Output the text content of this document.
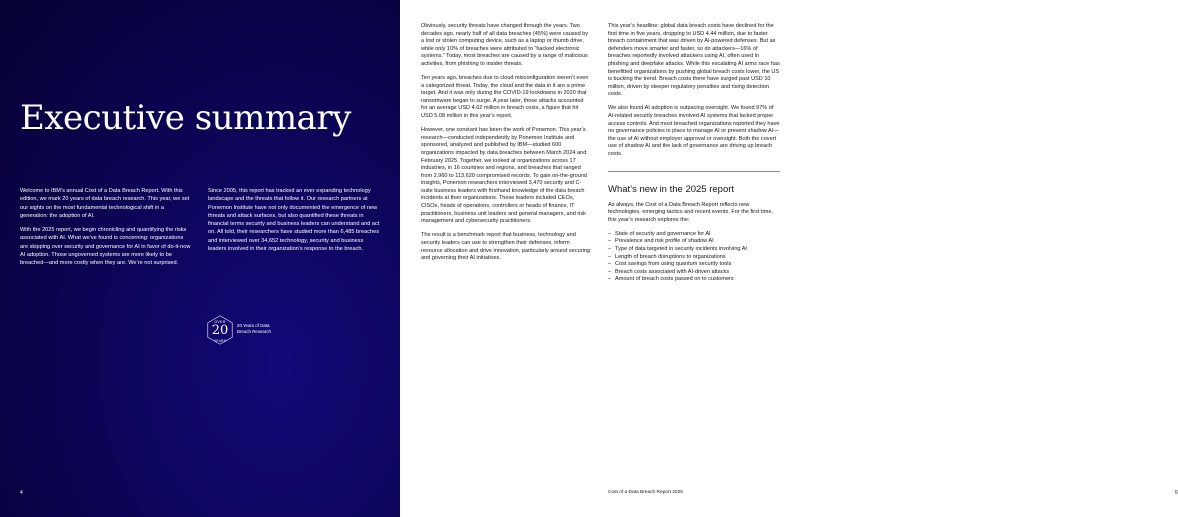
Executive summary

Welcome to IBM’s annual Cost of a Data Breach Report. With this edition, we mark 20 years of data breach research. This year, we set our sights on the most fundamental technological shift in a generation: the adoption of AI.

With the 2025 report, we begin chronicling and quantifying the risks associated with AI. What we’ve found is concerning: organizations are skipping over security and governance for AI in favor of do-it-now AI adoption. Those ungoverned systems are more likely to be breached—and more costly when they are. We’re not surprised.

Since 2005, this report has tracked an ever expanding technology landscape and the threats that follow it. Our research partners at Ponemon Institute have not only documented the emergence of new threats and attack surfaces, but also quantified these threats in financial terms security and business leaders can understand and act on. All told, their researchers have studied more than 6,485 breaches and interviewed over 34,652 technology, security and business leaders involved in their organization’s response to the breach.

OVER
20
YEARS
20 Years of Data Breach Research
4

Obviously, security threats have changed through the years. Two decades ago, nearly half of all data breaches (45%) were caused by a lost or stolen computing device, such as a laptop or thumb drive, while only 10% of breaches were attributed to “hacked electronic systems.” Today, most breaches are caused by a range of malicious activities, from phishing to insider threats.

Ten years ago, breaches due to cloud misconfiguration weren’t even a categorized threat. Today, the cloud and the data in it are a prime target. And it was only during the COVID-19 lockdowns in 2020 that ransomware began to surge. A year later, those attacks accounted for an average USD 4.62 million in breach costs, a figure that hit USD 5.08 million in this year’s report.

However, one constant has been the work of Ponemon. This year’s research—conducted independently by Ponemon Institute and sponsored, analyzed and published by IBM—studied 600 organizations impacted by data breaches between March 2024 and February 2025. Together, we looked at organizations across 17 industries, in 16 countries and regions, and breaches that ranged from 2,960 to 113,620 compromised records. To gain on-the-ground insights, Ponemon researchers interviewed 3,470 security and C-suite business leaders with firsthand knowledge of the data breach incidents at their organizations. These leaders included CEOs, CISOs, heads of operations, controllers or heads of finance, IT practitioners, business unit leaders and general managers, and risk management and cybersecurity practitioners.

The result is a benchmark report that business, technology and security leaders can use to strengthen their defenses, inform resource allocation and drive innovation, particularly around securing and governing their AI initiatives.

This year’s headline: global data breach costs have declined for the first time in five years, dropping to USD 4.44 million, due to faster breach containment that was driven by AI-powered defenses. But as defenders move smarter and faster, so do attackers—16% of breaches reportedly involved attackers using AI, often used in phishing and deepfake attacks. While this escalating AI arms race has benefitted organizations by pushing global breach costs lower, the US is bucking the trend. Breach costs there have surged past USD 10 million, driven by steeper regulatory penalties and rising detection costs.

We also found AI adoption is outpacing oversight. We found 97% of AI-related security breaches involved AI systems that lacked proper access controls. And most breached organizations reported they have no governance policies in place to manage AI or prevent shadow AI—the use of AI without employer approval or oversight. Both the covert use of shadow AI and the lack of governance are driving up breach costs.

What’s new in the 2025 report

As always, the Cost of a Data Breach Report reflects new technologies, emerging tactics and recent events. For the first time, this year’s research explores the:

– State of security and governance for AI
– Prevalence and risk profile of shadow AI
– Type of data targeted in security incidents involving AI
– Length of breach disruptions to organizations
– Cost savings from using quantum security tools
– Breach costs associated with AI-driven attacks
– Amount of breach costs passed on to customers
Cost of a Data Breach Report 2025	5
